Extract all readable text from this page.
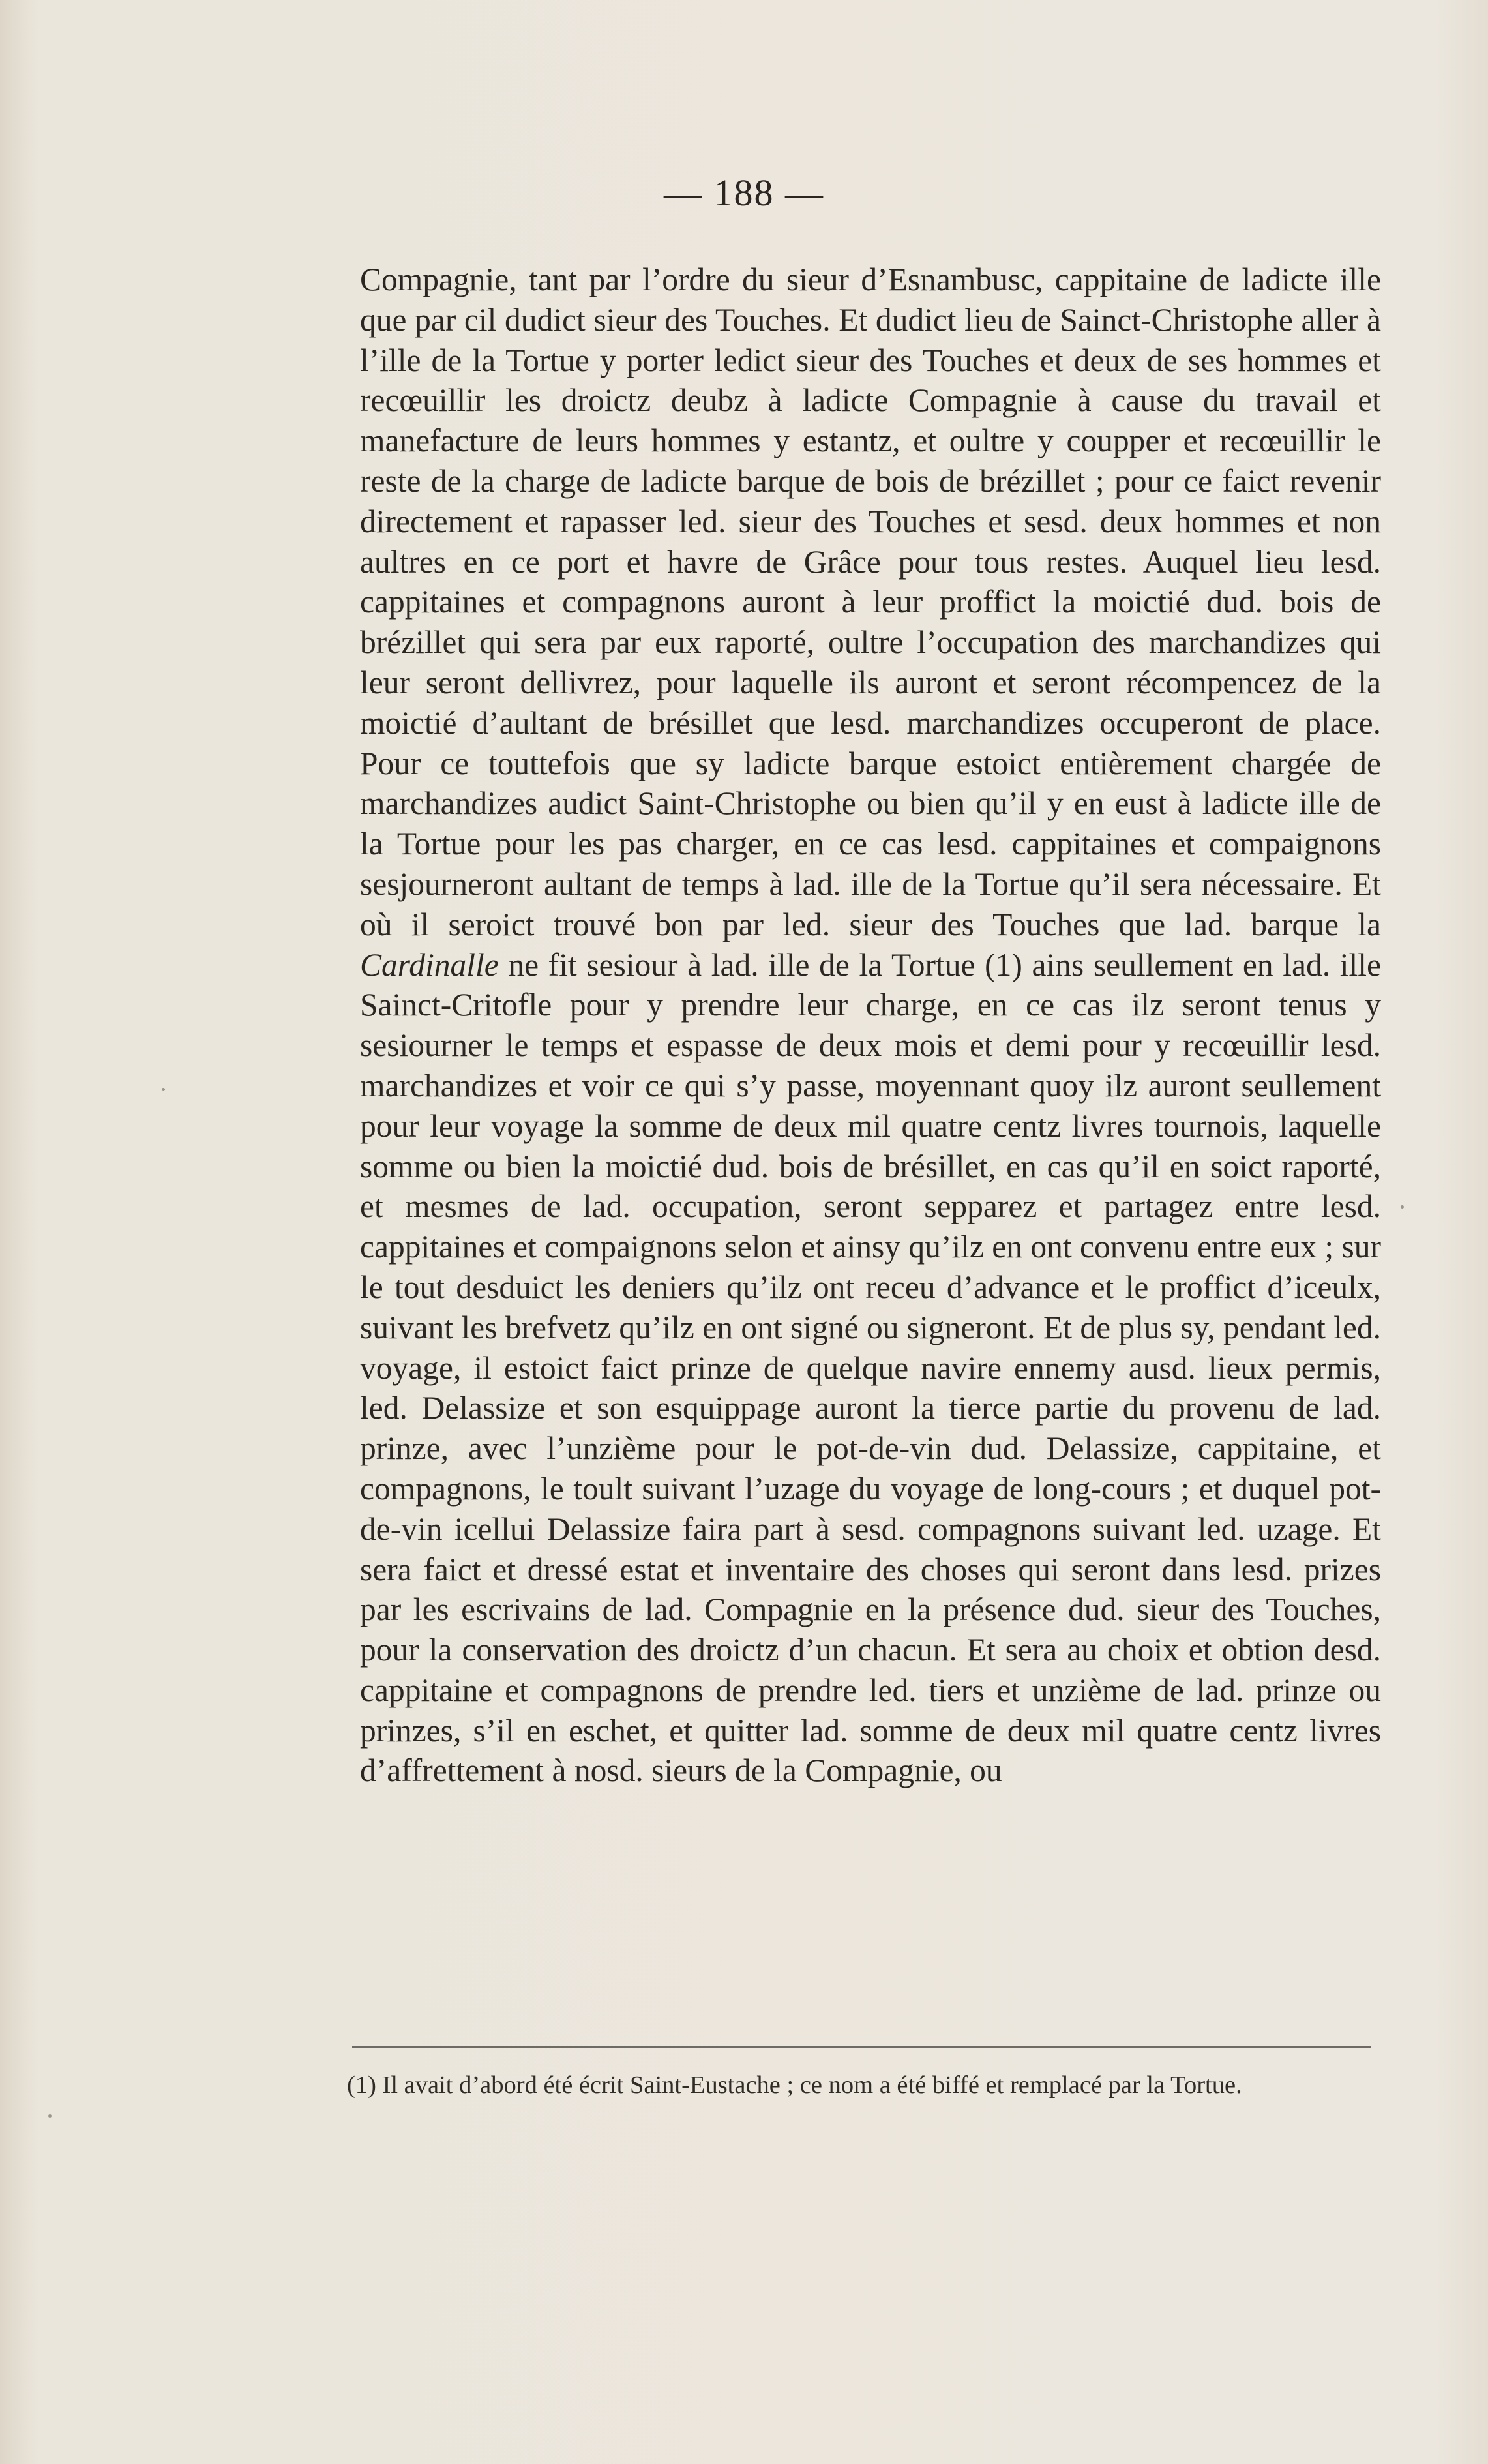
— 188 —

Compagnie, tant par l’ordre du sieur d’Esnambusc, cappitaine de ladicte ille que par cil dudict sieur des Touches. Et dudict lieu de Sainct-Christophe aller à l’ille de la Tortue y porter ledict sieur des Touches et deux de ses hommes et recœuillir les droictz deubz à ladicte Compagnie à cause du travail et manefacture de leurs hommes y estantz, et oultre y coupper et recœuillir le reste de la charge de ladicte barque de bois de brézillet ; pour ce faict revenir directement et rapasser led. sieur des Touches et sesd. deux hommes et non aultres en ce port et havre de Grâce pour tous restes. Auquel lieu lesd. cappitaines et compagnons auront à leur proffict la moictié dud. bois de brézillet qui sera par eux raporté, oultre l’occupation des marchandizes qui leur seront dellivrez, pour laquelle ils auront et seront récompencez de la moictié d’aultant de brésillet que lesd. marchandizes occuperont de place. Pour ce touttefois que sy ladicte barque estoict entièrement chargée de marchandizes audict Saint-Christophe ou bien qu’il y en eust à ladicte ille de la Tortue pour les pas charger, en ce cas lesd. cappitaines et compaignons sesjourneront aultant de temps à lad. ille de la Tortue qu’il sera nécessaire. Et où il seroict trouvé bon par led. sieur des Touches que lad. barque la Cardinalle ne fit sesiour à lad. ille de la Tortue (1) ains seullement en lad. ille Sainct-Critofle pour y prendre leur charge, en ce cas ilz seront tenus y sesiourner le temps et espasse de deux mois et demi pour y recœuillir lesd. marchandizes et voir ce qui s’y passe, moyennant quoy ilz auront seullement pour leur voyage la somme de deux mil quatre centz livres tournois, laquelle somme ou bien la moictié dud. bois de brésillet, en cas qu’il en soict raporté, et mesmes de lad. occupation, seront sepparez et partagez entre lesd. cappitaines et compaignons selon et ainsy qu’ilz en ont convenu entre eux ; sur le tout desduict les deniers qu’ilz ont receu d’advance et le proffict d’iceulx, suivant les brefvetz qu’ilz en ont signé ou signeront. Et de plus sy, pendant led. voyage, il estoict faict prinze de quelque navire ennemy ausd. lieux permis, led. Delassize et son esquippage auront la tierce partie du provenu de lad. prinze, avec l’unzième pour le pot-de-vin dud. Delassize, cappitaine, et compagnons, le toult suivant l’uzage du voyage de long-cours ; et duquel pot-de-vin icellui Delassize faira part à sesd. compagnons suivant led. uzage. Et sera faict et dressé estat et inventaire des choses qui seront dans lesd. prizes par les escrivains de lad. Compagnie en la présence dud. sieur des Touches, pour la conservation des droictz d’un chacun. Et sera au choix et obtion desd. cappitaine et compagnons de prendre led. tiers et unzième de lad. prinze ou prinzes, s’il en eschet, et quitter lad. somme de deux mil quatre centz livres d’affrettement à nosd. sieurs de la Compagnie, ou

(1) Il avait d’abord été écrit Saint-Eustache ; ce nom a été biffé et remplacé par la Tortue.
